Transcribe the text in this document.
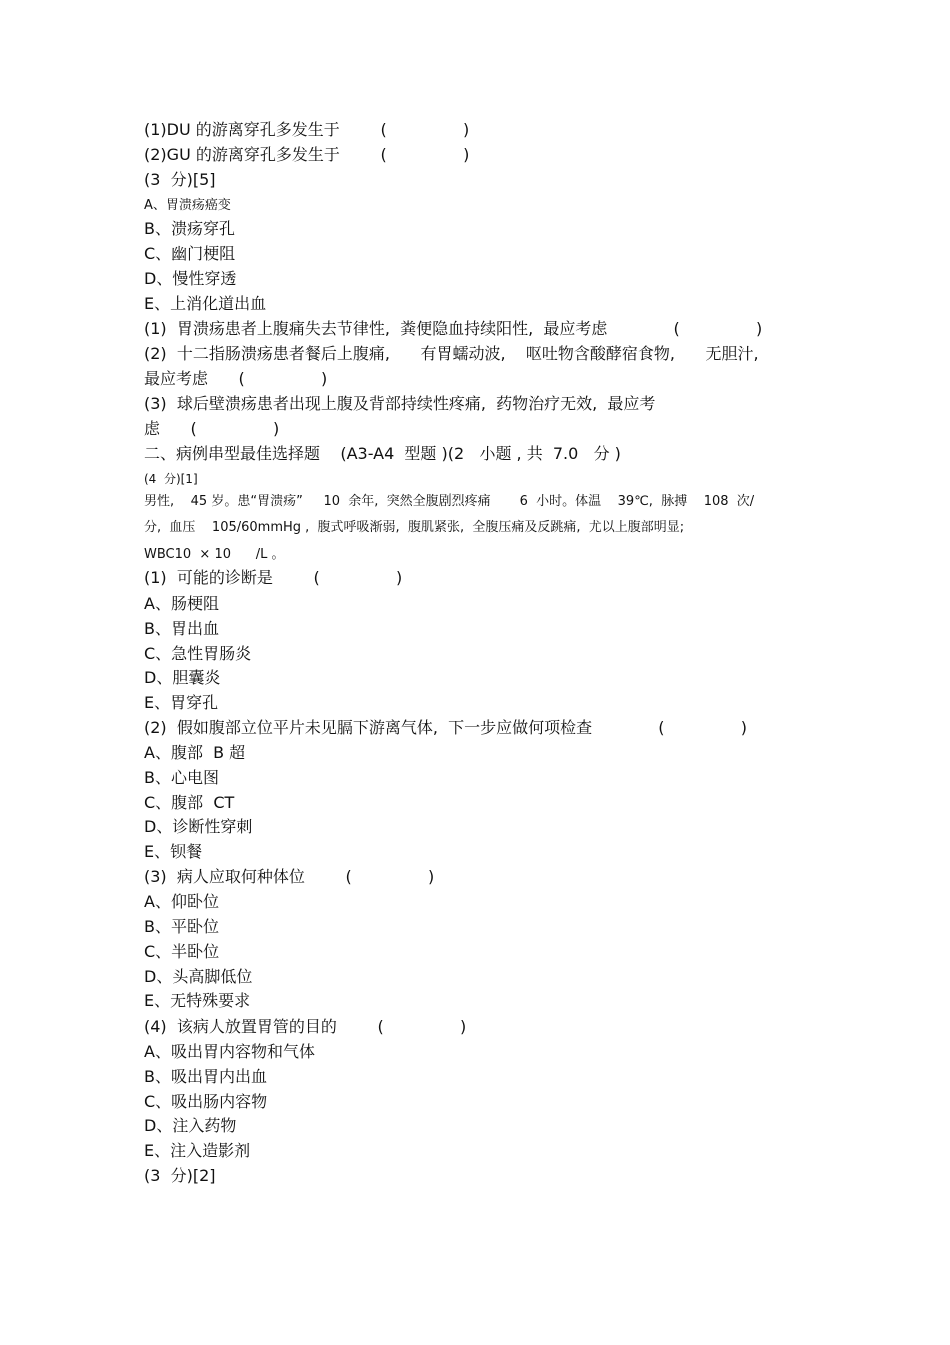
(1)DU 的游离穿孔多发生于        (               )
(2)GU 的游离穿孔多发生于        (               )
(3  分)[5]
A、胃溃疡癌变
B、溃疡穿孔
C、幽门梗阻
D、慢性穿透
E、上消化道出血
(1)  胃溃疡患者上腹痛失去节律性,  粪便隐血持续阳性,  最应考虑             (               )
(2)  十二指肠溃疡患者餐后上腹痛,      有胃蠕动波,    呕吐物含酸酵宿食物,      无胆汁,
最应考虑      (               )
(3)  球后壁溃疡患者出现上腹及背部持续性疼痛,  药物治疗无效,  最应考
虑      (               )
二、病例串型最佳选择题    (A3-A4  型题 )(2   小题 , 共  7.0   分 )
(4  分)[1]
男性,    45 岁。患“胃溃疡”     10  余年,  突然全腹剧烈疼痛       6  小时。体温    39℃,  脉搏    108  次/
分,  血压    105/60mmHg ,  腹式呼吸渐弱,  腹肌紧张,  全腹压痛及反跳痛,  尤以上腹部明显;
WBC10  × 10      /L 。
(1)  可能的诊断是        (               )
A、肠梗阻
B、胃出血
C、急性胃肠炎
D、胆囊炎
E、胃穿孔
(2)  假如腹部立位平片未见膈下游离气体,  下一步应做何项检查             (               )
A、腹部  B 超
B、心电图
C、腹部  CT
D、诊断性穿刺
E、钡餐
(3)  病人应取何种体位        (               )
A、仰卧位
B、平卧位
C、半卧位
D、头高脚低位
E、无特殊要求
(4)  该病人放置胃管的目的        (               )
A、吸出胃内容物和气体
B、吸出胃内出血
C、吸出肠内容物
D、注入药物
E、注入造影剂
(3  分)[2]
